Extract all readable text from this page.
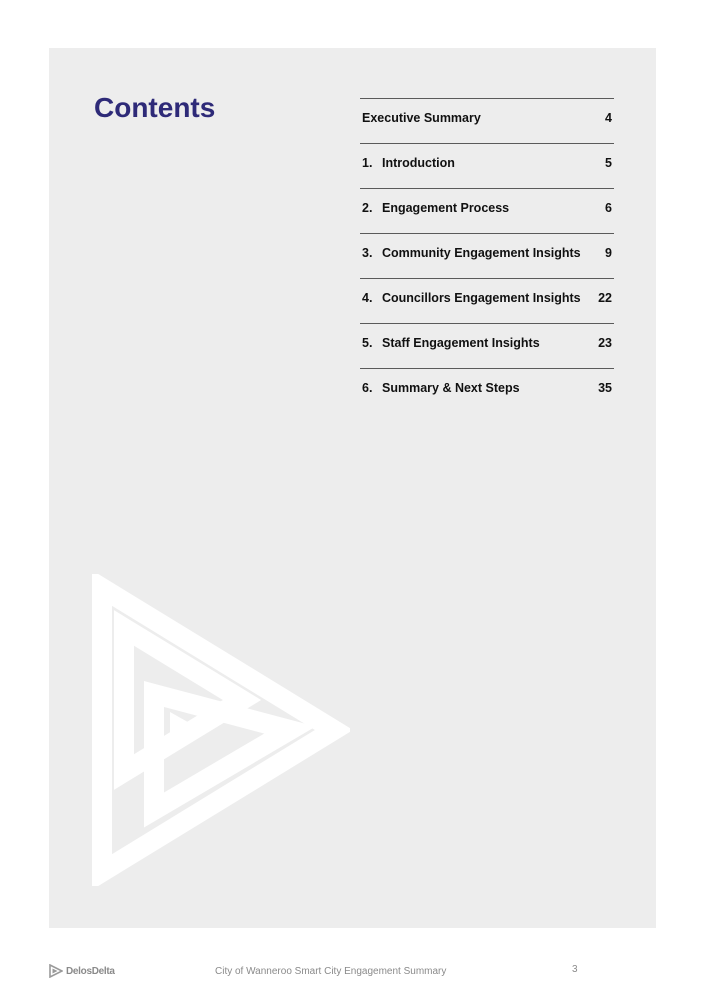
Contents	Executive Summary	4
1. Introduction	5
2. Engagement Process	6
3. Community Engagement Insights 9
4. Councillors Engagement Insights 22
5. Staff Engagement Insights	23
6. Summary & Next Steps	35
DelosDelta	City of Wanneroo Smart City Engagement Summary	3
